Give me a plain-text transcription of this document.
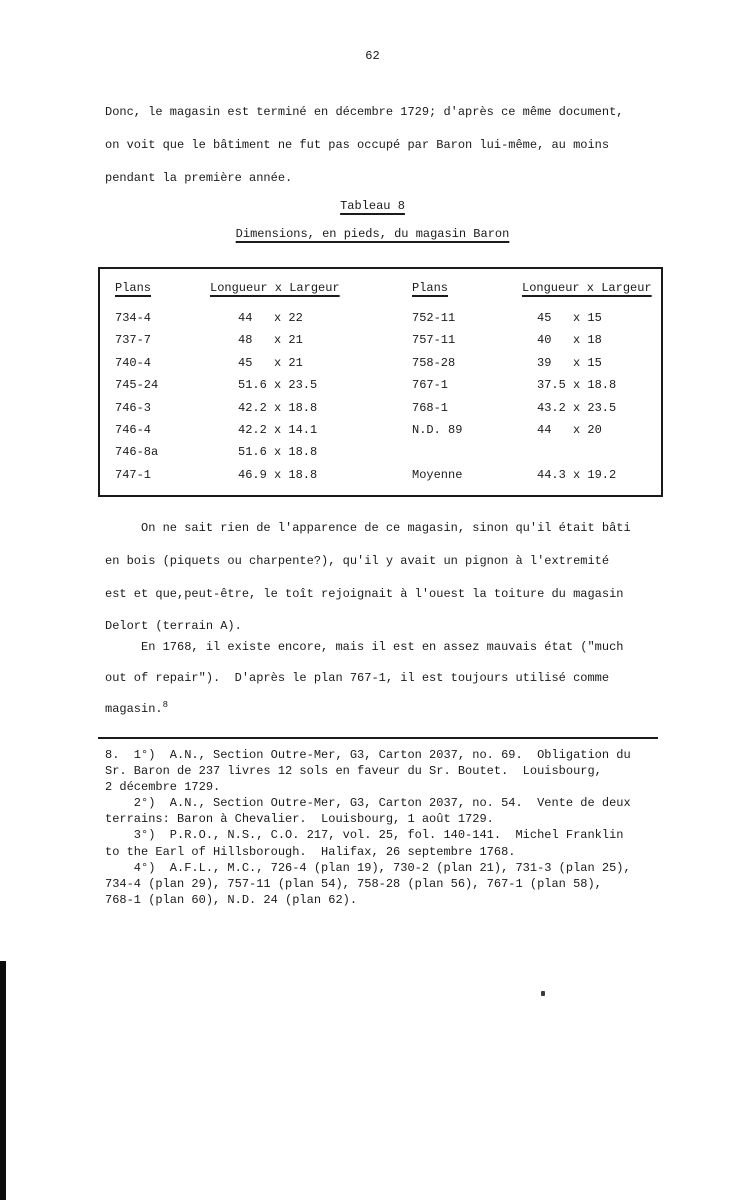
62
Donc, le magasin est terminé en décembre 1729; d'après ce même document,
on voit que le bâtiment ne fut pas occupé par Baron lui-même, au moins
pendant la première année.
Tableau 8
Dimensions, en pieds, du magasin Baron
Plans	Longueur x Largeur	Plans	Longueur x Largeur
734-4	44   x 22	752-11	45   x 15
737-7	48   x 21	757-11	40   x 18
740-4	45   x 21	758-28	39   x 15
745-24	51.6 x 23.5	767-1	37.5 x 18.8
746-3	42.2 x 18.8	768-1	43.2 x 23.5
746-4	42.2 x 14.1	N.D. 89	44   x 20
746-8a	51.6 x 18.8
747-1	46.9 x 18.8	Moyenne	44.3 x 19.2
On ne sait rien de l'apparence de ce magasin, sinon qu'il était bâti
en bois (piquets ou charpente?), qu'il y avait un pignon à l'extremité
est et que,peut-être, le toît rejoignait à l'ouest la toiture du magasin
Delort (terrain A).
En 1768, il existe encore, mais il est en assez mauvais état ("much
out of repair").  D'après le plan 767-1, il est toujours utilisé comme
magasin.$^8$
8.  1°)  A.N., Section Outre-Mer, G3, Carton 2037, no. 69.  Obligation du
Sr. Baron de 237 livres 12 sols en faveur du Sr. Boutet.  Louisbourg,
2 décembre 1729.
2°)  A.N., Section Outre-Mer, G3, Carton 2037, no. 54.  Vente de deux
terrains: Baron à Chevalier.  Louisbourg, 1 août 1729.
3°)  P.R.O., N.S., C.O. 217, vol. 25, fol. 140-141.  Michel Franklin
to the Earl of Hillsborough.  Halifax, 26 septembre 1768.
4°)  A.F.L., M.C., 726-4 (plan 19), 730-2 (plan 21), 731-3 (plan 25),
734-4 (plan 29), 757-11 (plan 54), 758-28 (plan 56), 767-1 (plan 58),
768-1 (plan 60), N.D. 24 (plan 62).
